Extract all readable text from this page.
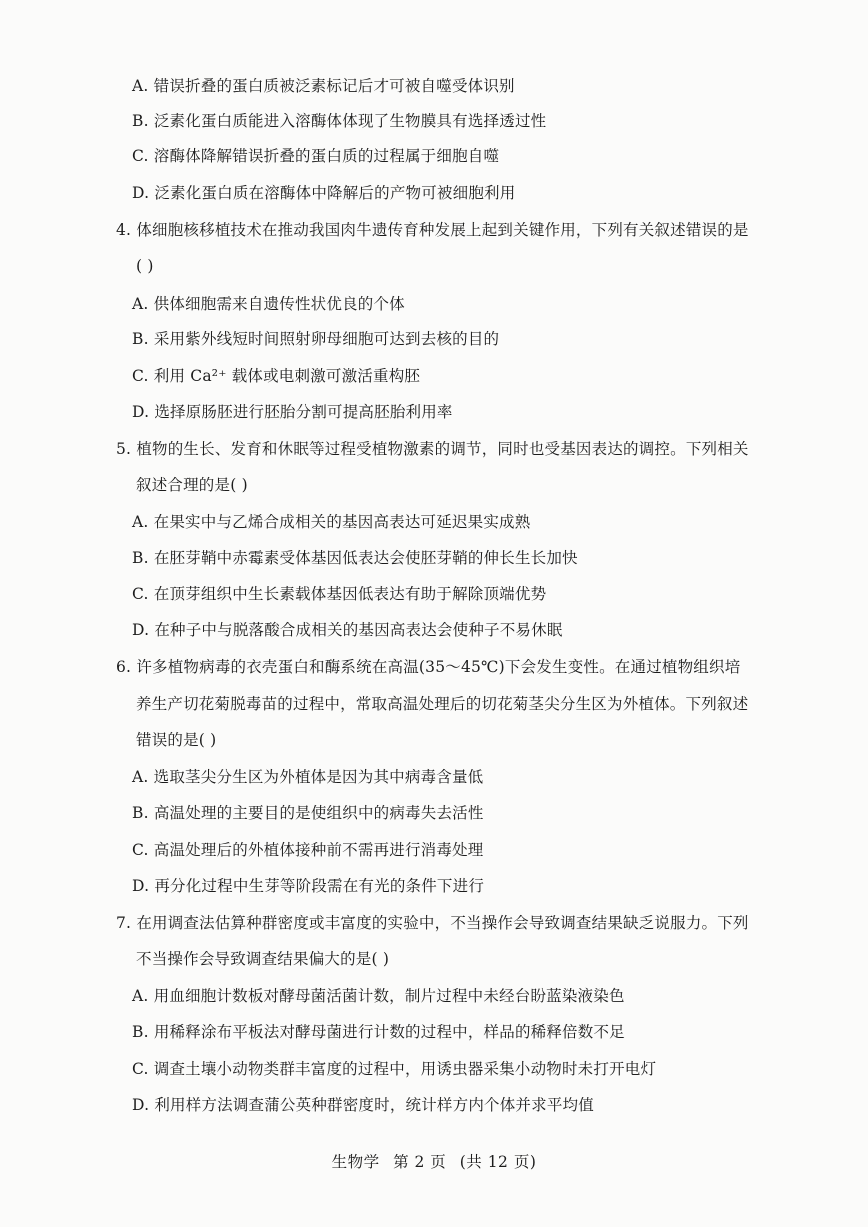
A. 错误折叠的蛋白质被泛素标记后才可被自噬受体识别
B. 泛素化蛋白质能进入溶酶体体现了生物膜具有选择透过性
C. 溶酶体降解错误折叠的蛋白质的过程属于细胞自噬
D. 泛素化蛋白质在溶酶体中降解后的产物可被细胞利用
4. 体细胞核移植技术在推动我国肉牛遗传育种发展上起到关键作用，下列有关叙述错误的是
( )
A. 供体细胞需来自遗传性状优良的个体
B. 采用紫外线短时间照射卵母细胞可达到去核的目的
C. 利用 Ca²⁺ 载体或电刺激可激活重构胚
D. 选择原肠胚进行胚胎分割可提高胚胎利用率
5. 植物的生长、发育和休眠等过程受植物激素的调节，同时也受基因表达的调控。下列相关
叙述合理的是( )
A. 在果实中与乙烯合成相关的基因高表达可延迟果实成熟
B. 在胚芽鞘中赤霉素受体基因低表达会使胚芽鞘的伸长生长加快
C. 在顶芽组织中生长素载体基因低表达有助于解除顶端优势
D. 在种子中与脱落酸合成相关的基因高表达会使种子不易休眠
6. 许多植物病毒的衣壳蛋白和酶系统在高温(35～45℃)下会发生变性。在通过植物组织培
养生产切花菊脱毒苗的过程中，常取高温处理后的切花菊茎尖分生区为外植体。下列叙述
错误的是( )
A. 选取茎尖分生区为外植体是因为其中病毒含量低
B. 高温处理的主要目的是使组织中的病毒失去活性
C. 高温处理后的外植体接种前不需再进行消毒处理
D. 再分化过程中生芽等阶段需在有光的条件下进行
7. 在用调查法估算种群密度或丰富度的实验中，不当操作会导致调查结果缺乏说服力。下列
不当操作会导致调查结果偏大的是( )
A. 用血细胞计数板对酵母菌活菌计数，制片过程中未经台盼蓝染液染色
B. 用稀释涂布平板法对酵母菌进行计数的过程中，样品的稀释倍数不足
C. 调查土壤小动物类群丰富度的过程中，用诱虫器采集小动物时未打开电灯
D. 利用样方法调查蒲公英种群密度时，统计样方内个体并求平均值
生物学 第 2 页 (共 12 页)
